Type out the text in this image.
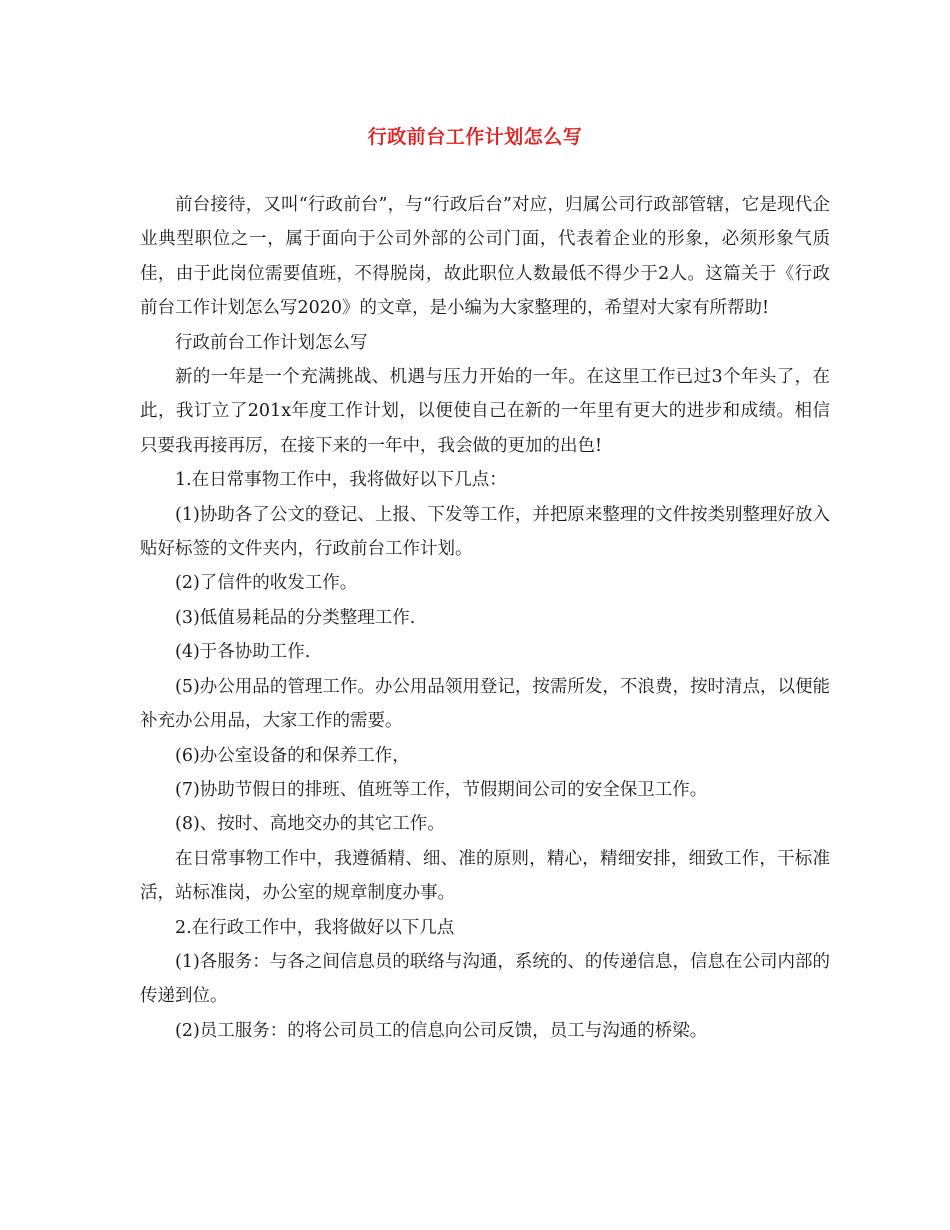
行政前台工作计划怎么写

前台接待，又叫“行政前台”，与“行政后台”对应，归属公司行政部管辖，它是现代企业典型职位之一，属于面向于公司外部的公司门面，代表着企业的形象，必须形象气质佳，由于此岗位需要值班，不得脱岗，故此职位人数最低不得少于2人。这篇关于《行政前台工作计划怎么写2020》的文章，是小编为大家整理的，希望对大家有所帮助!

行政前台工作计划怎么写

新的一年是一个充满挑战、机遇与压力开始的一年。在这里工作已过3个年头了，在此，我订立了201x年度工作计划，以便使自己在新的一年里有更大的进步和成绩。相信只要我再接再厉，在接下来的一年中，我会做的更加的出色!

1.在日常事物工作中，我将做好以下几点：

(1)协助各了公文的登记、上报、下发等工作，并把原来整理的文件按类别整理好放入贴好标签的文件夹内，行政前台工作计划。

(2)了信件的收发工作。

(3)低值易耗品的分类整理工作.

(4)于各协助工作.

(5)办公用品的管理工作。办公用品领用登记，按需所发，不浪费，按时清点，以便能补充办公用品，大家工作的需要。

(6)办公室设备的和保养工作，

(7)协助节假日的排班、值班等工作，节假期间公司的安全保卫工作。

(8)、按时、高地交办的其它工作。

在日常事物工作中，我遵循精、细、准的原则，精心，精细安排，细致工作，干标准活，站标准岗，办公室的规章制度办事。

2.在行政工作中，我将做好以下几点

(1)各服务：与各之间信息员的联络与沟通，系统的、的传递信息，信息在公司内部的传递到位。

(2)员工服务：的将公司员工的信息向公司反馈，员工与沟通的桥梁。
